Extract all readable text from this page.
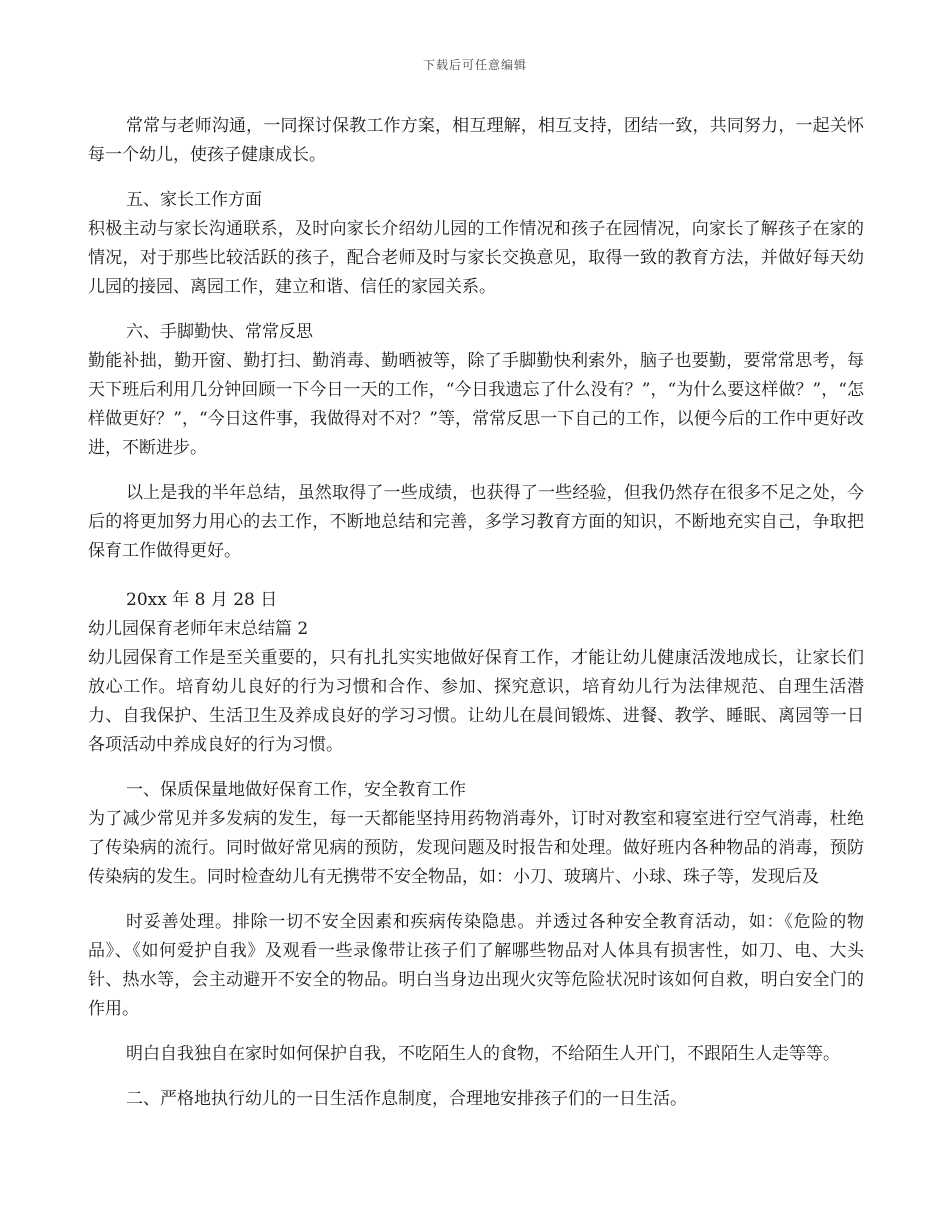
下载后可任意编辑

常常与老师沟通，一同探讨保教工作方案，相互理解，相互支持，团结一致，共同努力，一起关怀每一个幼儿，使孩子健康成长。

五、家长工作方面

积极主动与家长沟通联系，及时向家长介绍幼儿园的工作情况和孩子在园情况，向家长了解孩子在家的情况，对于那些比较活跃的孩子，配合老师及时与家长交换意见，取得一致的教育方法，并做好每天幼儿园的接园、离园工作，建立和谐、信任的家园关系。

六、手脚勤快、常常反思

勤能补拙，勤开窗、勤打扫、勤消毒、勤晒被等，除了手脚勤快利索外，脑子也要勤，要常常思考，每天下班后利用几分钟回顾一下今日一天的工作，“今日我遗忘了什么没有？”，“为什么要这样做？”，“怎样做更好？”，“今日这件事，我做得对不对？”等，常常反思一下自己的工作，以便今后的工作中更好改进，不断进步。

以上是我的半年总结，虽然取得了一些成绩，也获得了一些经验，但我仍然存在很多不足之处，今后的将更加努力用心的去工作，不断地总结和完善，多学习教育方面的知识，不断地充实自己，争取把保育工作做得更好。

20xx 年 8 月 28 日

幼儿园保育老师年末总结篇 2

幼儿园保育工作是至关重要的，只有扎扎实实地做好保育工作，才能让幼儿健康活泼地成长，让家长们放心工作。培育幼儿良好的行为习惯和合作、参加、探究意识，培育幼儿行为法律规范、自理生活潜力、自我保护、生活卫生及养成良好的学习习惯。让幼儿在晨间锻炼、进餐、教学、睡眠、离园等一日各项活动中养成良好的行为习惯。

一、保质保量地做好保育工作，安全教育工作

为了减少常见并多发病的发生，每一天都能坚持用药物消毒外，订时对教室和寝室进行空气消毒，杜绝了传染病的流行。同时做好常见病的预防，发现问题及时报告和处理。做好班内各种物品的消毒，预防传染病的发生。同时检查幼儿有无携带不安全物品，如：小刀、玻璃片、小球、珠子等，发现后及

时妥善处理。排除一切不安全因素和疾病传染隐患。并透过各种安全教育活动，如：《危险的物品》、《如何爱护自我》及观看一些录像带让孩子们了解哪些物品对人体具有损害性，如刀、电、大头针、热水等，会主动避开不安全的物品。明白当身边出现火灾等危险状况时该如何自救，明白安全门的作用。

明白自我独自在家时如何保护自我，不吃陌生人的食物，不给陌生人开门，不跟陌生人走等等。

二、严格地执行幼儿的一日生活作息制度，合理地安排孩子们的一日生活。
